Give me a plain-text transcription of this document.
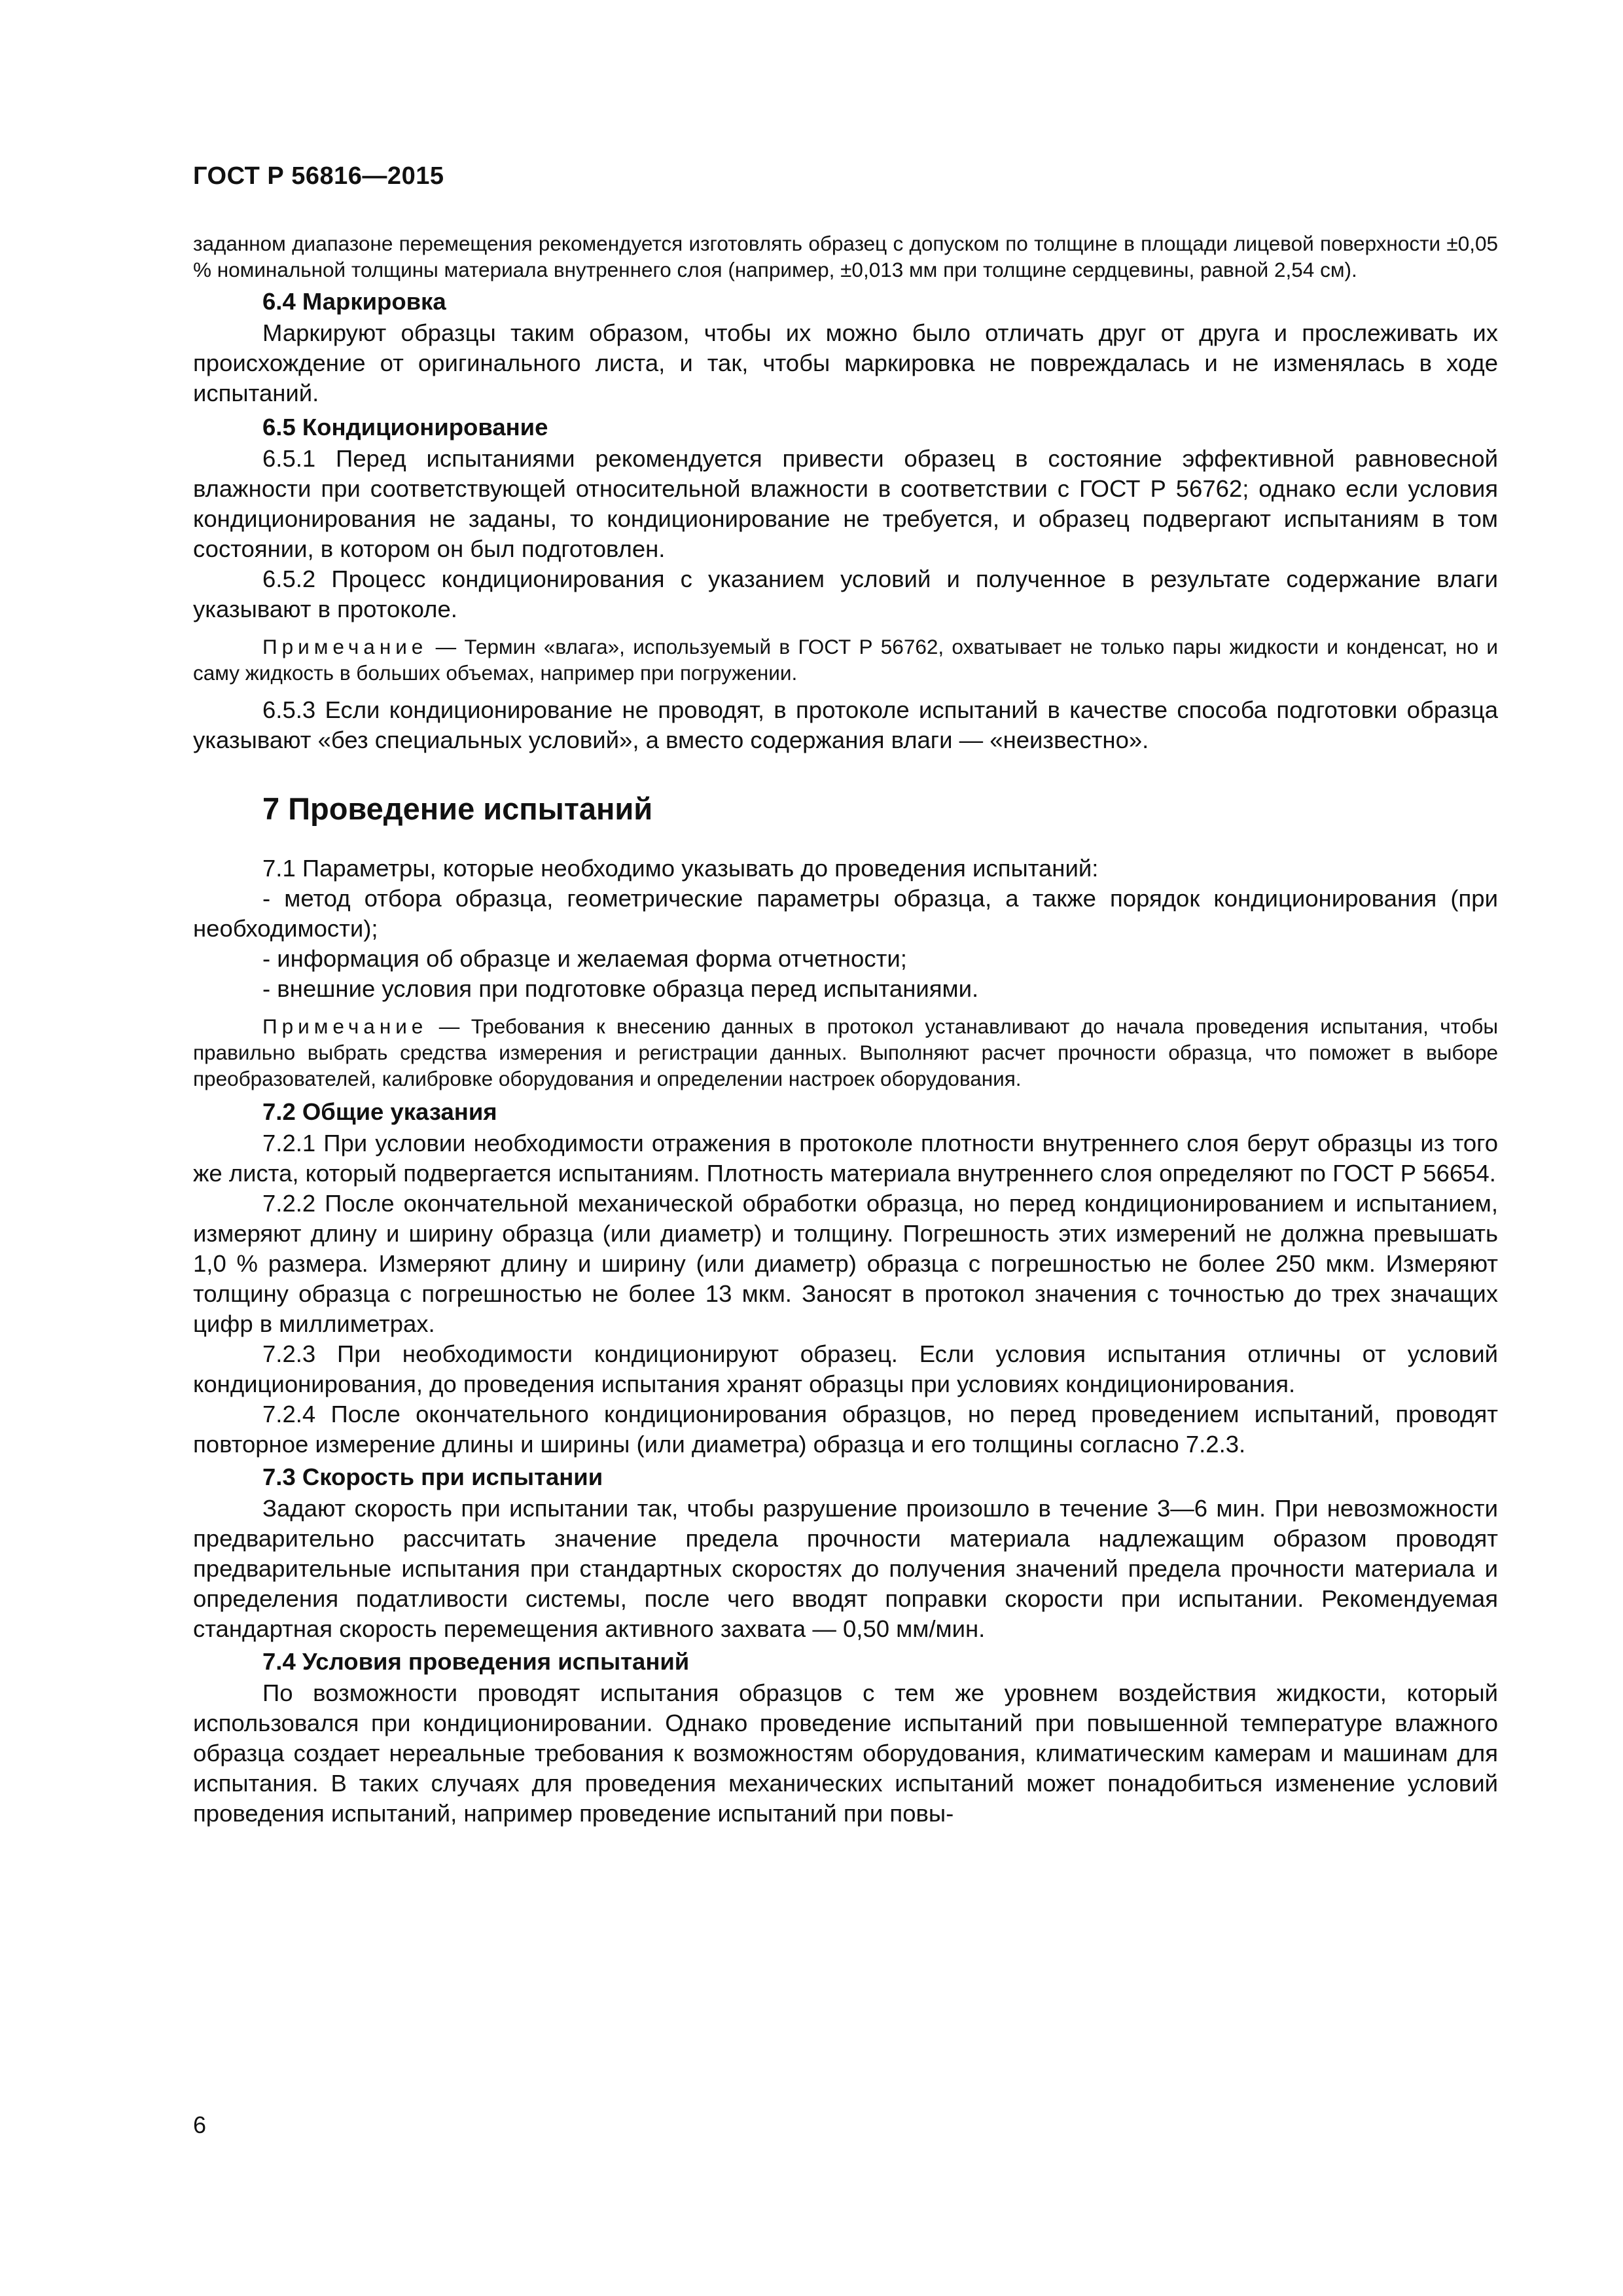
ГОСТ Р 56816—2015

заданном диапазоне перемещения рекомендуется изготовлять образец с допуском по толщине в площади лицевой поверхности ±0,05 % номинальной толщины материала внутреннего слоя (например, ±0,013 мм при толщине сердцевины, равной 2,54 см).

6.4 Маркировка

Маркируют образцы таким образом, чтобы их можно было отличать друг от друга и прослеживать их происхождение от оригинального листа, и так, чтобы маркировка не повреждалась и не изменялась в ходе испытаний.

6.5 Кондиционирование

6.5.1 Перед испытаниями рекомендуется привести образец в состояние эффективной равновесной влажности при соответствующей относительной влажности в соответствии с ГОСТ Р 56762; однако если условия кондиционирования не заданы, то кондиционирование не требуется, и образец подвергают испытаниям в том состоянии, в котором он был подготовлен.

6.5.2 Процесс кондиционирования с указанием условий и полученное в результате содержание влаги указывают в протоколе.

Примечание — Термин «влага», используемый в ГОСТ Р 56762, охватывает не только пары жидкости и конденсат, но и саму жидкость в больших объемах, например при погружении.

6.5.3 Если кондиционирование не проводят, в протоколе испытаний в качестве способа подготовки образца указывают «без специальных условий», а вместо содержания влаги — «неизвестно».

7 Проведение испытаний

7.1 Параметры, которые необходимо указывать до проведения испытаний:

- метод отбора образца, геометрические параметры образца, а также порядок кондиционирования (при необходимости);

- информация об образце и желаемая форма отчетности;

- внешние условия при подготовке образца перед испытаниями.

Примечание — Требования к внесению данных в протокол устанавливают до начала проведения испытания, чтобы правильно выбрать средства измерения и регистрации данных. Выполняют расчет прочности образца, что поможет в выборе преобразователей, калибровке оборудования и определении настроек оборудования.

7.2 Общие указания

7.2.1 При условии необходимости отражения в протоколе плотности внутреннего слоя берут образцы из того же листа, который подвергается испытаниям. Плотность материала внутреннего слоя определяют по ГОСТ Р 56654.

7.2.2 После окончательной механической обработки образца, но перед кондиционированием и испытанием, измеряют длину и ширину образца (или диаметр) и толщину. Погрешность этих измерений не должна превышать 1,0 % размера. Измеряют длину и ширину (или диаметр) образца с погрешностью не более 250 мкм. Измеряют толщину образца с погрешностью не более 13 мкм. Заносят в протокол значения с точностью до трех значащих цифр в миллиметрах.

7.2.3 При необходимости кондиционируют образец. Если условия испытания отличны от условий кондиционирования, до проведения испытания хранят образцы при условиях кондиционирования.

7.2.4 После окончательного кондиционирования образцов, но перед проведением испытаний, проводят повторное измерение длины и ширины (или диаметра) образца и его толщины согласно 7.2.3.

7.3 Скорость при испытании

Задают скорость при испытании так, чтобы разрушение произошло в течение 3—6 мин. При невозможности предварительно рассчитать значение предела прочности материала надлежащим образом проводят предварительные испытания при стандартных скоростях до получения значений предела прочности материала и определения податливости системы, после чего вводят поправки скорости при испытании. Рекомендуемая стандартная скорость перемещения активного захвата — 0,50 мм/мин.

7.4 Условия проведения испытаний

По возможности проводят испытания образцов с тем же уровнем воздействия жидкости, который использовался при кондиционировании. Однако проведение испытаний при повышенной температуре влажного образца создает нереальные требования к возможностям оборудования, климатическим камерам и машинам для испытания. В таких случаях для проведения механических испытаний может понадобиться изменение условий проведения испытаний, например проведение испытаний при повы-

6
